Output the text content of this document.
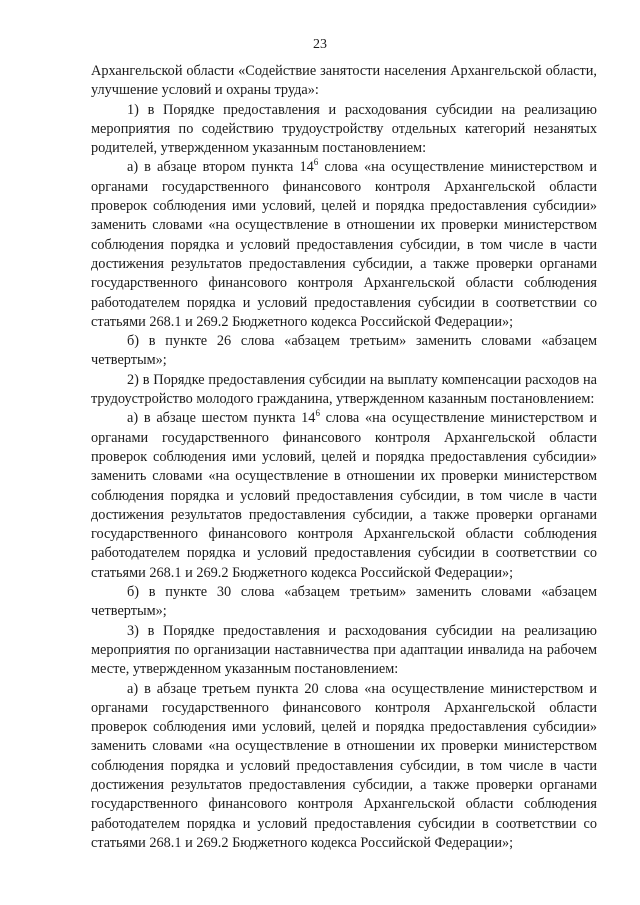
23

Архангельской области «Содействие занятости населения Архангельской области, улучшение условий и охраны труда»:

1) в Порядке предоставления и расходования субсидии на реализацию мероприятия по содействию трудоустройству отдельных категорий незанятых родителей, утвержденном указанным постановлением:

а) в абзаце втором пункта $14^6$ слова «на осуществление министерством и органами государственного финансового контроля Архангельской области проверок соблюдения ими условий, целей и порядка предоставления субсидии» заменить словами «на осуществление в отношении их проверки министерством соблюдения порядка и условий предоставления субсидии, в том числе в части достижения результатов предоставления субсидии, а также проверки органами государственного финансового контроля Архангельской области соблюдения работодателем порядка и условий предоставления субсидии в соответствии со статьями 268.1 и 269.2 Бюджетного кодекса Российской Федерации»;

б) в пункте 26 слова «абзацем третьим» заменить словами «абзацем четвертым»;

2) в Порядке предоставления субсидии на выплату компенсации расходов на трудоустройство молодого гражданина, утвержденном казанным постановлением:

а) в абзаце шестом пункта $14^6$ слова «на осуществление министерством и органами государственного финансового контроля Архангельской области проверок соблюдения ими условий, целей и порядка предоставления субсидии» заменить словами «на осуществление в отношении их проверки министерством соблюдения порядка и условий предоставления субсидии, в том числе в части достижения результатов предоставления субсидии, а также проверки органами государственного финансового контроля Архангельской области соблюдения работодателем порядка и условий предоставления субсидии в соответствии со статьями 268.1 и 269.2 Бюджетного кодекса Российской Федерации»;

б) в пункте 30 слова «абзацем третьим» заменить словами «абзацем четвертым»;

3) в Порядке предоставления и расходования субсидии на реализацию мероприятия по организации наставничества при адаптации инвалида на рабочем месте, утвержденном указанным постановлением:

а) в абзаце третьем пункта 20 слова «на осуществление министерством и органами государственного финансового контроля Архангельской области проверок соблюдения ими условий, целей и порядка предоставления субсидии» заменить словами «на осуществление в отношении их проверки министерством соблюдения порядка и условий предоставления субсидии, в том числе в части достижения результатов предоставления субсидии, а также проверки органами государственного финансового контроля Архангельской области соблюдения работодателем порядка и условий предоставления субсидии в соответствии со статьями 268.1 и 269.2 Бюджетного кодекса Российской Федерации»;
